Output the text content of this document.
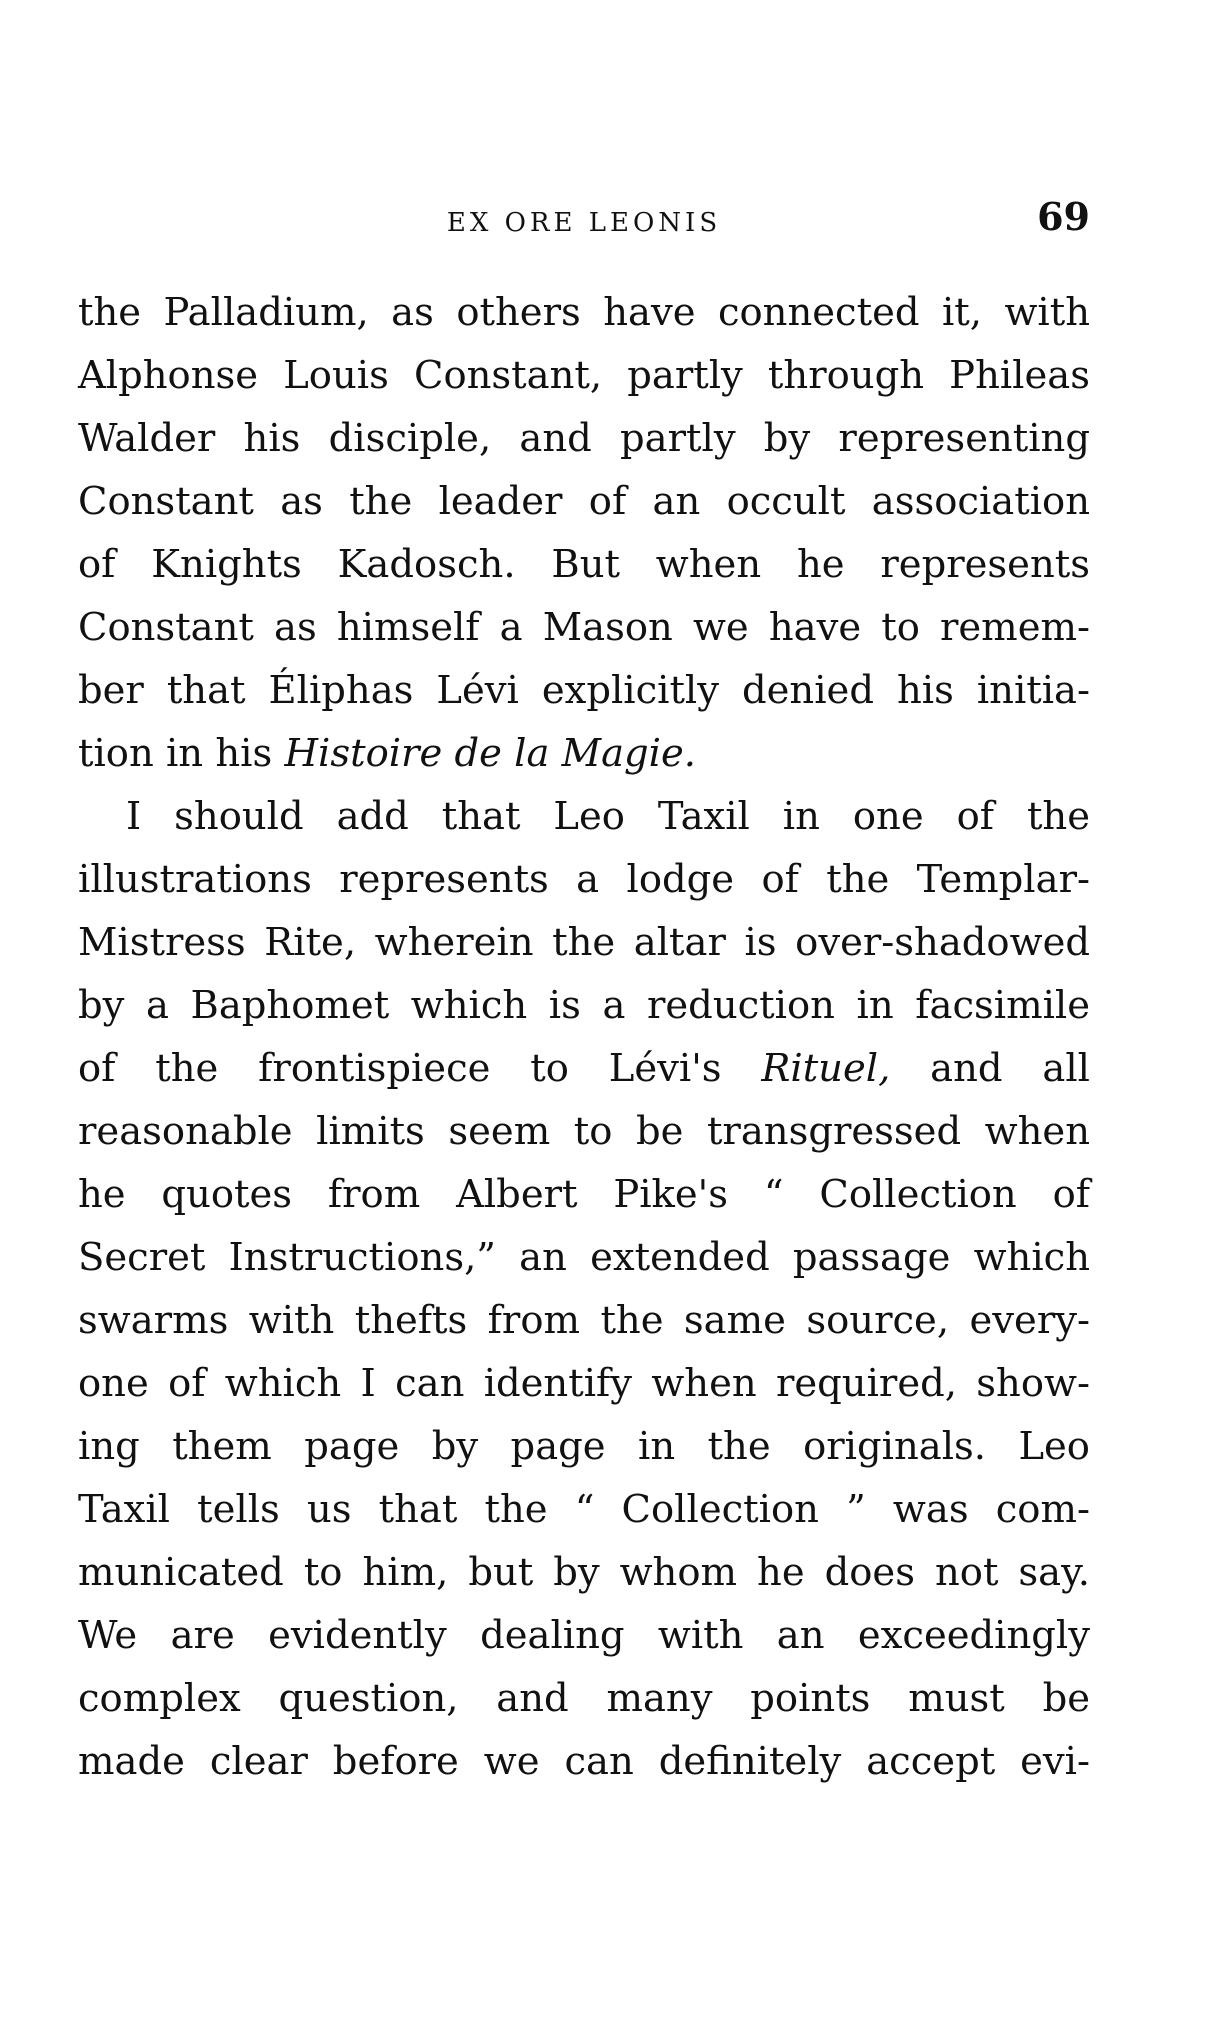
EX ORE LEONIS	69
the Palladium, as others have connected it, with
Alphonse Louis Constant, partly through Phileas
Walder his disciple, and partly by representing
Constant as the leader of an occult association
of Knights Kadosch. But when he represents
Constant as himself a Mason we have to remem-
ber that Éliphas Lévi explicitly denied his initia-
tion in his Histoire de la Magie.
I should add that Leo Taxil in one of the
illustrations represents a lodge of the Templar-
Mistress Rite, wherein the altar is over-shadowed
by a Baphomet which is a reduction in facsimile
of the frontispiece to Lévi's Rituel, and all
reasonable limits seem to be transgressed when
he quotes from Albert Pike's “ Collection of
Secret Instructions,” an extended passage which
swarms with thefts from the same source, every-
one of which I can identify when required, show-
ing them page by page in the originals. Leo
Taxil tells us that the “ Collection ” was com-
municated to him, but by whom he does not say.
We are evidently dealing with an exceedingly
complex question, and many points must be
made clear before we can definitely accept evi-
